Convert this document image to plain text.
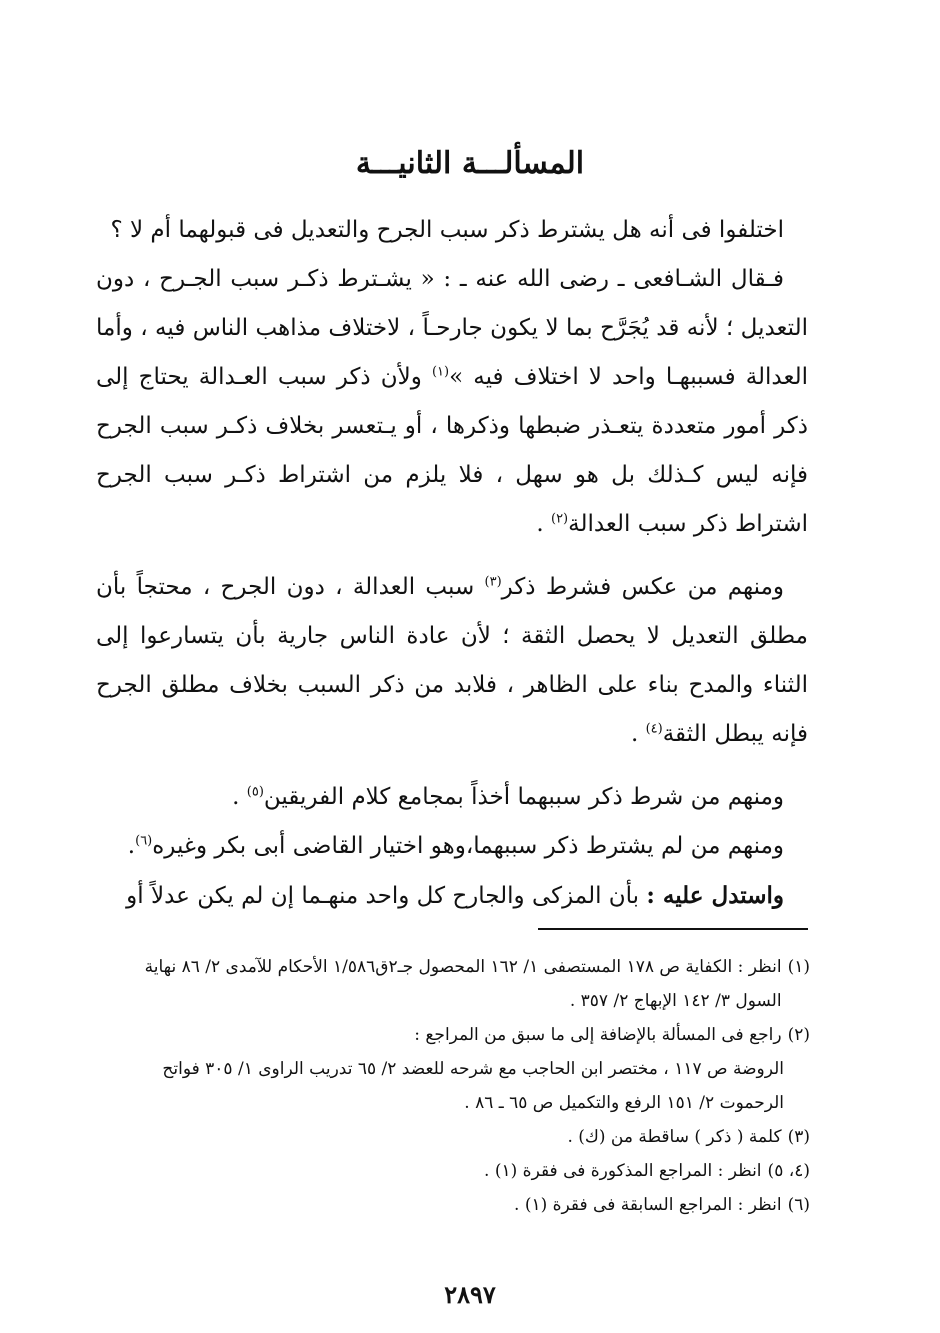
المسألـــة الثانيـــة

اختلفوا فى أنه هل يشترط ذكر سبب الجرح والتعديل فى قبولهما أم لا ؟

فـقال الشـافعى ـ رضى الله عنه ـ : « يشـترط ذكـر سبب الجـرح ، دون التعديل ؛ لأنه قد يُجَرَّح بما لا يكون جارحـاً ، لاختلاف مذاهب الناس فيه ، وأما العدالة فسببهـا واحد لا اختلاف فيه »$^{(١)}$ ولأن ذكر سبب العـدالة يحتاج إلى ذكر أمور متعددة يتعـذر ضبطها وذكرها ، أو يـتعسر بخلاف ذكـر سبب الجرح فإنه ليس كـذلك بل هو سهل ، فلا يلزم من اشتراط ذكـر سبب الجرح اشتراط ذكر سبب العدالة$^{(٢)}$ .

ومنهم من عكس فشرط ذكر$^{(٣)}$ سبب العدالة ، دون الجرح ، محتجاً بأن مطلق التعديل لا يحصل الثقة ؛ لأن عادة الناس جارية بأن يتسارعوا إلى الثناء والمدح بناء على الظاهر ، فلابد من ذكر السبب بخلاف مطلق الجرح فإنه يبطل الثقة$^{(٤)}$ .

ومنهم من شرط ذكر سببهما أخذاً بمجامع كلام الفريقين$^{(٥)}$ .

ومنهم من لم يشترط ذكر سببهما،وهو اختيار القاضى أبى بكر وغيره$^{(٦)}$.

واستدل عليه : بأن المزكى والجارح كل واحد منهـما إن لم يكن عدلاً أو

(١)
انظر : الكفاية ص ١٧٨ المستصفى ١/ ١٦٢ المحصول جـ٢ق١/٥٨٦ الأحكام للآمدى ٢/ ٨٦ نهاية السول ٣/ ١٤٢ الإبهاج ٢/ ٣٥٧ .
(٢)
راجع فى المسألة بالإضافة إلى ما سبق من المراجع :
الروضة ص ١١٧ ، مختصر ابن الحاجب مع شرحه للعضد ٢/ ٦٥ تدريب الراوى ١/ ٣٠٥ فواتح الرحموت ٢/ ١٥١ الرفع والتكميل ص ٦٥ ـ ٨٦ .
(٣)
كلمة ( ذكر ) ساقطة من (ك) .
(٤، ٥)
انظر : المراجع المذكورة فى فقرة (١) .
(٦)
انظر : المراجع السابقة فى فقرة (١) .
٢٨٩٧
